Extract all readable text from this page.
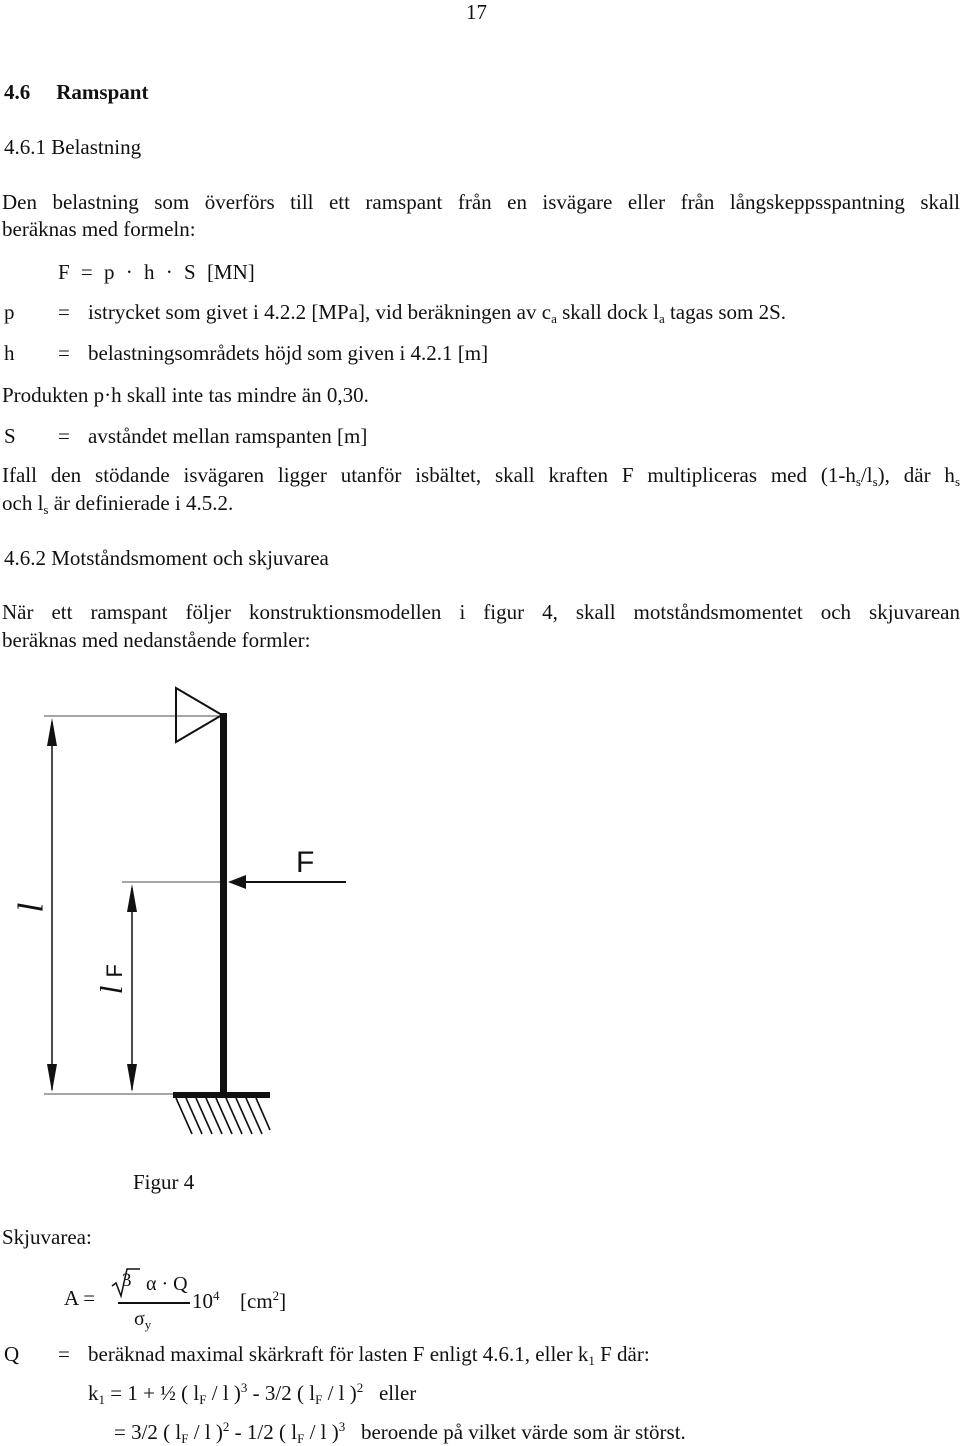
17
4.6 Ramspant
4.6.1 Belastning
Den belastning som överförs till ett ramspant från en isvägare eller från långskeppsspantning skall
beräknas med formeln:
F = p · h · S [MN]
p = istrycket som givet i 4.2.2 [MPa], vid beräkningen av $c_a$ skall dock $l_a$ tagas som 2S.
h = belastningsområdets höjd som given i 4.2.1 [m]
Produkten p·h skall inte tas mindre än 0,30.
S = avståndet mellan ramspanten [m]
Ifall den stödande isvägaren ligger utanför isbältet, skall kraften F multipliceras med $(1-h_s/l_s)$, där $h_s$
och $l_s$ är definierade i 4.5.2.
4.6.2 Motståndsmoment och skjuvarea
När ett ramspant följer konstruktionsmodellen i figur 4, skall motståndsmomentet och skjuvarean
beräknas med nedanstående formler:
F
l
lF
Figur 4
Skjuvarea:
A =
3 α · Q
$\sigma_y$
$10^4$ $[cm^2]$
Q = beräknad maximal skärkraft för lasten F enligt 4.6.1, eller $k_1$ F där:
$k_1 = 1$ + ½ ( $l_F$ / l )$^3$ - 3/2 ( $l_F$ / l )$^2$   eller
= 3/2 ( $l_F$ / l )$^2$ - 1/2 ( $l_F$ / l )$^3$   beroende på vilket värde som är störst.
